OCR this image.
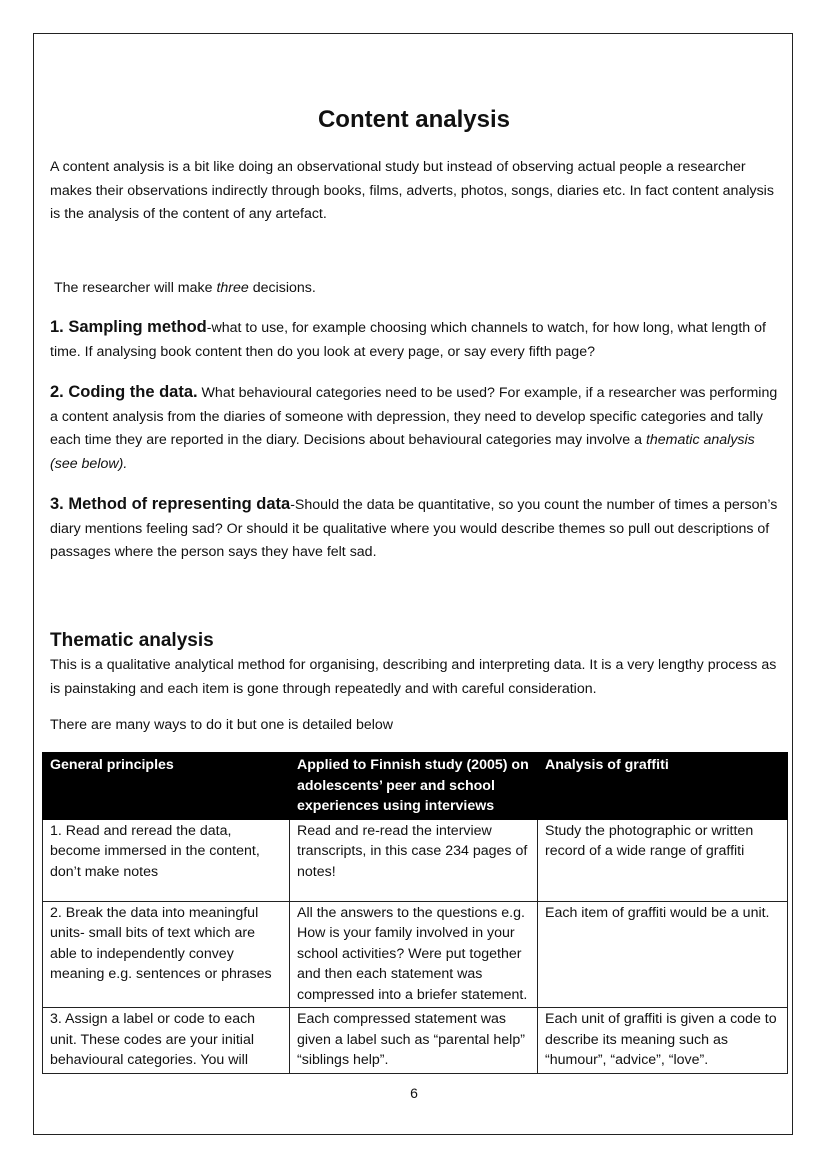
Content analysis

A content analysis is a bit like doing an observational study but instead of observing actual people a researcher makes their observations indirectly through books, films, adverts, photos, songs, diaries etc. In fact content analysis is the analysis of the content of any artefact.

The researcher will make three decisions.

1. Sampling method-what to use, for example choosing which channels to watch, for how long, what length of time. If analysing book content then do you look at every page, or say every fifth page?

2. Coding the data. What behavioural categories need to be used? For example, if a researcher was performing a content analysis from the diaries of someone with depression, they need to develop specific categories and tally each time they are reported in the diary. Decisions about behavioural categories may involve a thematic analysis (see below).

3. Method of representing data-Should the data be quantitative, so you count the number of times a person’s diary mentions feeling sad? Or should it be qualitative where you would describe themes so pull out descriptions of passages where the person says they have felt sad.

Thematic analysis

This is a qualitative analytical method for organising, describing and interpreting data. It is a very lengthy process as is painstaking and each item is gone through repeatedly and with careful consideration.

There are many ways to do it but one is detailed below

General principles	Applied to Finnish study (2005) on adolescents’ peer and school experiences using interviews	Analysis of graffiti
1. Read and reread the data, become immersed in the content, don’t make notes	Read and re-read the interview transcripts, in this case 234 pages of notes!	Study the photographic or written record of a wide range of graffiti
2. Break the data into meaningful units- small bits of text which are able to independently convey meaning e.g. sentences or phrases	All the answers to the questions e.g. How is your family involved in your school activities? Were put together and then each statement was compressed into a briefer statement.	Each item of graffiti would be a unit.
3. Assign a label or code to each unit. These codes are your initial behavioural categories. You will	Each compressed statement was given a label such as “parental help” “siblings help”.	Each unit of graffiti is given a code to describe its meaning such as “humour”, “advice”, “love”.
6
